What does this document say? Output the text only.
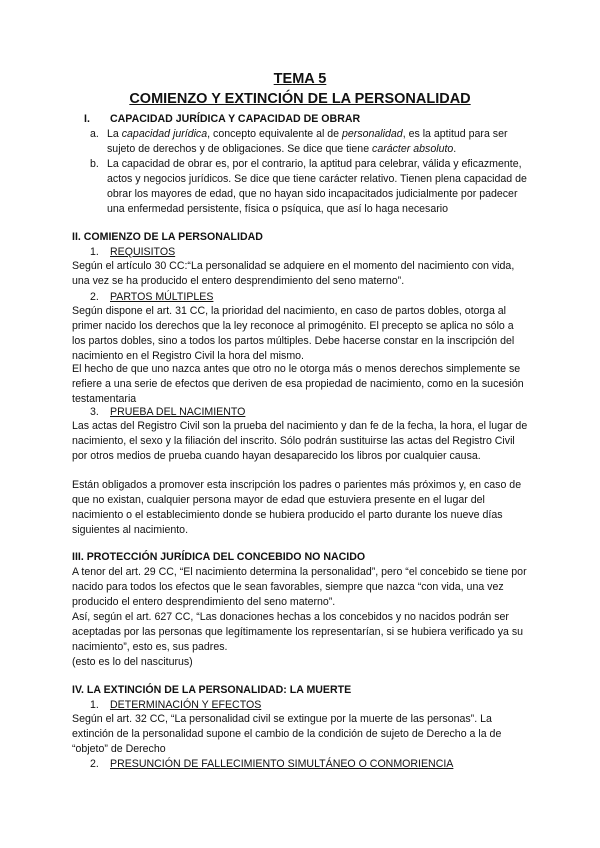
TEMA 5
COMIENZO Y EXTINCIÓN DE LA PERSONALIDAD
I. CAPACIDAD JURÍDICA Y CAPACIDAD DE OBRAR
a. La capacidad jurídica, concepto equivalente al de personalidad, es la aptitud para ser sujeto de derechos y de obligaciones. Se dice que tiene carácter absoluto.
b. La capacidad de obrar es, por el contrario, la aptitud para celebrar, válida y eficazmente, actos y negocios jurídicos. Se dice que tiene carácter relativo. Tienen plena capacidad de obrar los mayores de edad, que no hayan sido incapacitados judicialmente por padecer una enfermedad persistente, física o psíquica, que así lo haga necesario
II. COMIENZO DE LA PERSONALIDAD
1. REQUISITOS
Según el artículo 30 CC:“La personalidad se adquiere en el momento del nacimiento con vida, una vez se ha producido el entero desprendimiento del seno materno”.
2. PARTOS MÚLTIPLES
Según dispone el art. 31 CC, la prioridad del nacimiento, en caso de partos dobles, otorga al primer nacido los derechos que la ley reconoce al primogénito. El precepto se aplica no sólo a los partos dobles, sino a todos los partos múltiples. Debe hacerse constar en la inscripción del nacimiento en el Registro Civil la hora del mismo.
El hecho de que uno nazca antes que otro no le otorga más o menos derechos simplemente se refiere a una serie de efectos que deriven de esa propiedad de nacimiento, como en la sucesión testamentaria
3. PRUEBA DEL NACIMIENTO
Las actas del Registro Civil son la prueba del nacimiento y dan fe de la fecha, la hora, el lugar de nacimiento, el sexo y la filiación del inscrito. Sólo podrán sustituirse las actas del Registro Civil por otros medios de prueba cuando hayan desaparecido los libros por cualquier causa.
Están obligados a promover esta inscripción los padres o parientes más próximos y, en caso de que no existan, cualquier persona mayor de edad que estuviera presente en el lugar del nacimiento o el establecimiento donde se hubiera producido el parto durante los nueve días siguientes al nacimiento.
III. PROTECCIÓN JURÍDICA DEL CONCEBIDO NO NACIDO
A tenor del art. 29 CC, “El nacimiento determina la personalidad”, pero “el concebido se tiene por nacido para todos los efectos que le sean favorables, siempre que nazca “con vida, una vez producido el entero desprendimiento del seno materno”.
Así, según el art. 627 CC, “Las donaciones hechas a los concebidos y no nacidos podrán ser aceptadas por las personas que legítimamente los representarían, si se hubiera verificado ya su nacimiento”, esto es, sus padres.
(esto es lo del nasciturus)
IV. LA EXTINCIÓN DE LA PERSONALIDAD: LA MUERTE
1. DETERMINACIÓN Y EFECTOS
Según el art. 32 CC, “La personalidad civil se extingue por la muerte de las personas”. La extinción de la personalidad supone el cambio de la condición de sujeto de Derecho a la de “objeto” de Derecho
2. PRESUNCIÓN DE FALLECIMIENTO SIMULTÁNEO O CONMORIENCIA
